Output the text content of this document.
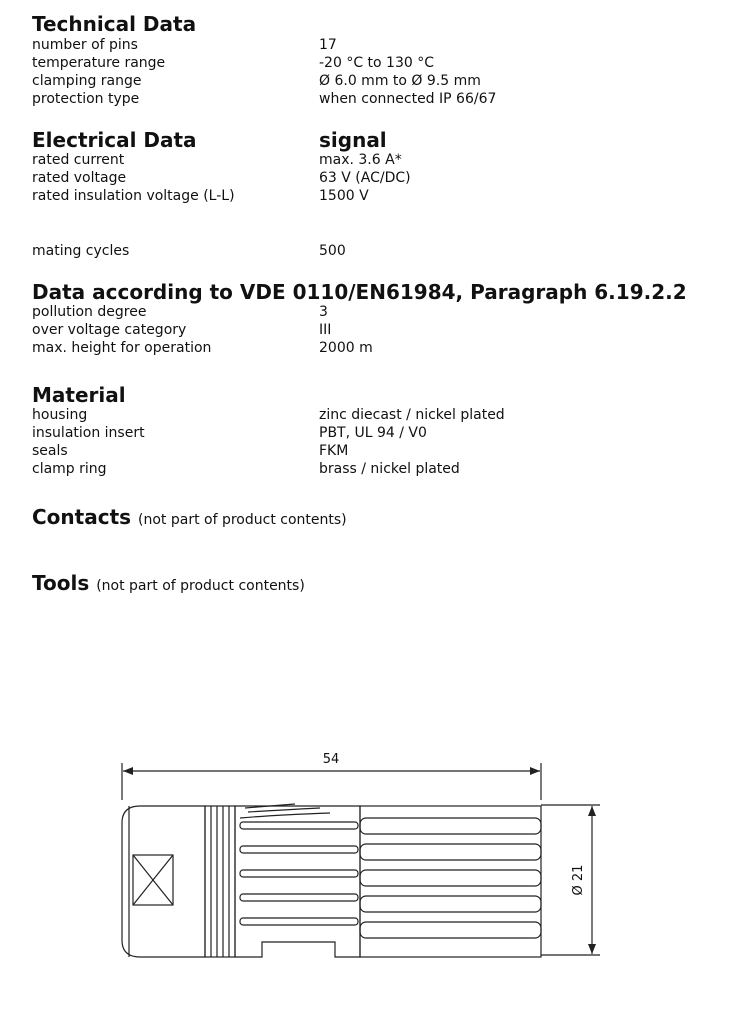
Technical Data
number of pins	17
temperature range	-20 °C to 130 °C
clamping range	Ø 6.0 mm to Ø 9.5 mm
protection type	when connected IP 66/67
Electrical Data	signal
rated current	max. 3.6 A*
rated voltage	63 V (AC/DC)
rated insulation voltage (L-L)	1500 V
mating cycles	500
Data according to VDE 0110/EN61984, Paragraph 6.19.2.2
pollution degree	3
over voltage category	III
max. height for operation	2000 m
Material
housing	zinc diecast / nickel plated
insulation insert	PBT, UL 94 / V0
seals	FKM
clamp ring	brass / nickel plated
Contacts (not part of product contents)
Tools (not part of product contents)
54
Ø 21
